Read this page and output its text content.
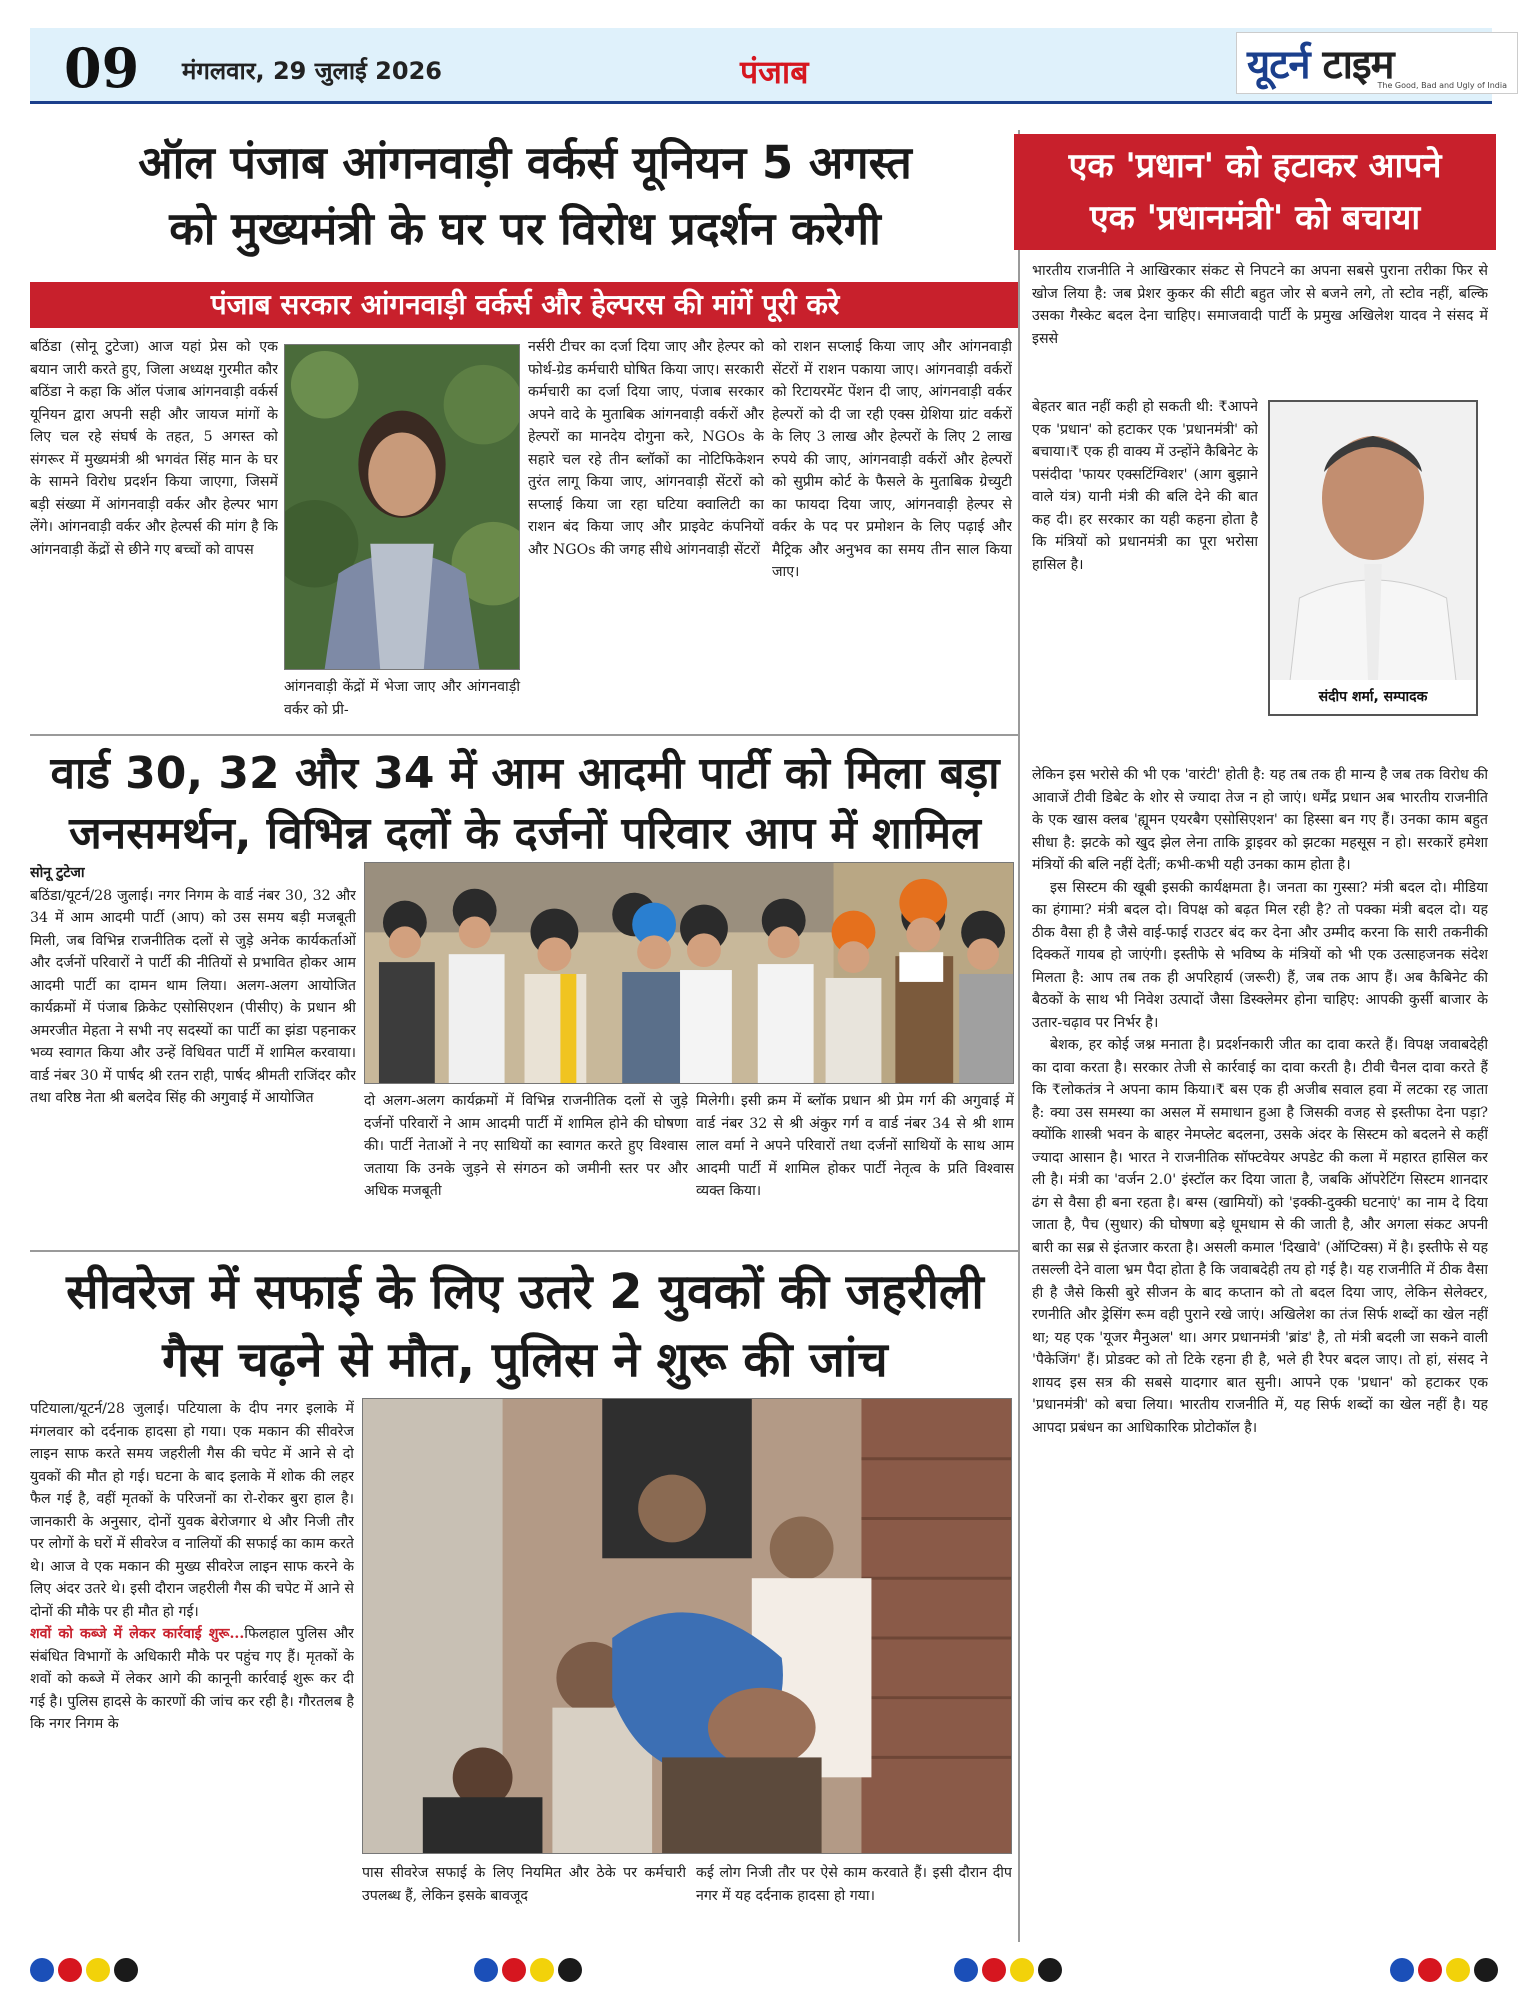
09 मंगलवार, 29 जुलाई 2026	पंजाब	यूटर्न टाइम
The Good, Bad and Ugly of India
ऑल पंजाब आंगनवाड़ी वर्कर्स यूनियन 5 अगस्त
को मुख्यमंत्री के घर पर विरोध प्रदर्शन करेगी
पंजाब सरकार आंगनवाड़ी वर्कर्स और हेल्परस की मांगें पूरी करे
बठिंडा (सोनू टुटेजा) आज यहां प्रेस को एक बयान जारी करते हुए, जिला अध्यक्ष गुरमीत कौर बठिंडा ने कहा कि ऑल पंजाब आंगनवाड़ी वर्कर्स यूनियन द्वारा अपनी सही और जायज मांगों के लिए चल रहे संघर्ष के तहत, 5 अगस्त को संगरूर में मुख्यमंत्री श्री भगवंत सिंह मान के घर के सामने विरोध प्रदर्शन किया जाएगा, जिसमें बड़ी संख्या में आंगनवाड़ी वर्कर और हेल्पर भाग लेंगे। आंगनवाड़ी वर्कर और हेल्पर्स की मांग है कि आंगनवाड़ी केंद्रों से छीने गए बच्चों को वापस
आंगनवाड़ी केंद्रों में भेजा जाए और आंगनवाड़ी वर्कर को प्री-
नर्सरी टीचर का दर्जा दिया जाए और हेल्पर को फोर्थ-ग्रेड कर्मचारी घोषित किया जाए। सरकारी कर्मचारी का दर्जा दिया जाए, पंजाब सरकार अपने वादे के मुताबिक आंगनवाड़ी वर्करों और हेल्परों का मानदेय दोगुना करे, NGOs के सहारे चल रहे तीन ब्लॉकों का नोटिफिकेशन तुरंत लागू किया जाए, आंगनवाड़ी सेंटरों को सप्लाई किया जा रहा घटिया क्वालिटी का राशन बंद किया जाए और प्राइवेट कंपनियों और NGOs की जगह सीधे आंगनवाड़ी सेंटरों
को राशन सप्लाई किया जाए और आंगनवाड़ी सेंटरों में राशन पकाया जाए। आंगनवाड़ी वर्करों को रिटायरमेंट पेंशन दी जाए, आंगनवाड़ी वर्कर हेल्परों को दी जा रही एक्स ग्रेशिया ग्रांट वर्करों के लिए 3 लाख और हेल्परों के लिए 2 लाख रुपये की जाए, आंगनवाड़ी वर्करों और हेल्परों को सुप्रीम कोर्ट के फैसले के मुताबिक ग्रेच्युटी का फायदा दिया जाए, आंगनवाड़ी हेल्पर से वर्कर के पद पर प्रमोशन के लिए पढ़ाई और मैट्रिक और अनुभव का समय तीन साल किया जाए।
वार्ड 30, 32 और 34 में आम आदमी पार्टी को मिला बड़ा
जनसमर्थन, विभिन्न दलों के दर्जनों परिवार आप में शामिल
सोनू टुटेजा
बठिंडा/यूटर्न/28 जुलाई। नगर निगम के वार्ड नंबर 30, 32 और 34 में आम आदमी पार्टी (आप) को उस समय बड़ी मजबूती मिली, जब विभिन्न राजनीतिक दलों से जुड़े अनेक कार्यकर्ताओं और दर्जनों परिवारों ने पार्टी की नीतियों से प्रभावित होकर आम आदमी पार्टी का दामन थाम लिया। अलग-अलग आयोजित कार्यक्रमों में पंजाब क्रिकेट एसोसिएशन (पीसीए) के प्रधान श्री अमरजीत मेहता ने सभी नए सदस्यों का पार्टी का झंडा पहनाकर भव्य स्वागत किया और उन्हें विधिवत पार्टी में शामिल करवाया। वार्ड नंबर 30 में पार्षद श्री रतन राही, पार्षद श्रीमती राजिंदर कौर तथा वरिष्ठ नेता श्री बलदेव सिंह की अगुवाई में आयोजित	दो अलग-अलग कार्यक्रमों में विभिन्न राजनीतिक दलों से जुड़े दर्जनों परिवारों ने आम आदमी पार्टी में शामिल होने की घोषणा की। पार्टी नेताओं ने नए साथियों का स्वागत करते हुए विश्वास जताया कि उनके जुड़ने से संगठन को जमीनी स्तर पर और अधिक मजबूती
मिलेगी। इसी क्रम में ब्लॉक प्रधान श्री प्रेम गर्ग की अगुवाई में वार्ड नंबर 32 से श्री अंकुर गर्ग व वार्ड नंबर 34 से श्री शाम लाल वर्मा ने अपने परिवारों तथा दर्जनों साथियों के साथ आम आदमी पार्टी में शामिल होकर पार्टी नेतृत्व के प्रति विश्वास व्यक्त किया।
सीवरेज में सफाई के लिए उतरे 2 युवकों की जहरीली
गैस चढ़ने से मौत, पुलिस ने शुरू की जांच
पटियाला/यूटर्न/28 जुलाई। पटियाला के दीप नगर इलाके में मंगलवार को दर्दनाक हादसा हो गया। एक मकान की सीवरेज लाइन साफ करते समय जहरीली गैस की चपेट में आने से दो युवकों की मौत हो गई। घटना के बाद इलाके में शोक की लहर फैल गई है, वहीं मृतकों के परिजनों का रो-रोकर बुरा हाल है। जानकारी के अनुसार, दोनों युवक बेरोजगार थे और निजी तौर पर लोगों के घरों में सीवरेज व नालियों की सफाई का काम करते थे। आज वे एक मकान की मुख्य सीवरेज लाइन साफ करने के लिए अंदर उतरे थे। इसी दौरान जहरीली गैस की चपेट में आने से दोनों की मौके पर ही मौत हो गई।
शवों को कब्जे में लेकर कार्रवाई शुरू...फिलहाल पुलिस और संबंधित विभागों के अधिकारी मौके पर पहुंच गए हैं। मृतकों के शवों को कब्जे में लेकर आगे की कानूनी कार्रवाई शुरू कर दी गई है। पुलिस हादसे के कारणों की जांच कर रही है। गौरतलब है कि नगर निगम के
पास सीवरेज सफाई के लिए नियमित और ठेके पर कर्मचारी उपलब्ध हैं, लेकिन इसके बावजूद
कई लोग निजी तौर पर ऐसे काम करवाते हैं। इसी दौरान दीप नगर में यह दर्दनाक हादसा हो गया।
एक 'प्रधान' को हटाकर आपने
एक 'प्रधानमंत्री' को बचाया
भारतीय राजनीति ने आखिरकार संकट से निपटने का अपना सबसे पुराना तरीका फिर से खोज लिया है: जब प्रेशर कुकर की सीटी बहुत जोर से बजने लगे, तो स्टोव नहीं, बल्कि उसका गैस्केट बदल देना चाहिए। समाजवादी पार्टी के प्रमुख अखिलेश यादव ने संसद में इससे
बेहतर बात नहीं कही हो सकती थी: ₹आपने एक 'प्रधान' को हटाकर एक 'प्रधानमंत्री' को बचाया।₹ एक ही वाक्य में उन्होंने कैबिनेट के पसंदीदा 'फायर एक्सटिंग्विशर' (आग बुझाने वाले यंत्र) यानी मंत्री की बलि देने की बात कह दी। हर सरकार का यही कहना होता है कि मंत्रियों को प्रधानमंत्री का पूरा भरोसा हासिल है।
संदीप शर्मा, सम्पादक
लेकिन इस भरोसे की भी एक 'वारंटी' होती है: यह तब तक ही मान्य है जब तक विरोध की आवाजें टीवी डिबेट के शोर से ज्यादा तेज न हो जाएं। धर्मेंद्र प्रधान अब भारतीय राजनीति के एक खास क्लब 'ह्यूमन एयरबैग एसोसिएशन' का हिस्सा बन गए हैं। उनका काम बहुत सीधा है: झटके को खुद झेल लेना ताकि ड्राइवर को झटका महसूस न हो। सरकारें हमेशा मंत्रियों की बलि नहीं देतीं; कभी-कभी यही उनका काम होता है।
इस सिस्टम की खूबी इसकी कार्यक्षमता है। जनता का गुस्सा? मंत्री बदल दो। मीडिया का हंगामा? मंत्री बदल दो। विपक्ष को बढ़त मिल रही है? तो पक्का मंत्री बदल दो। यह ठीक वैसा ही है जैसे वाई-फाई राउटर बंद कर देना और उम्मीद करना कि सारी तकनीकी दिक्कतें गायब हो जाएंगी। इस्तीफे से भविष्य के मंत्रियों को भी एक उत्साहजनक संदेश मिलता है: आप तब तक ही अपरिहार्य (जरूरी) हैं, जब तक आप हैं। अब कैबिनेट की बैठकों के साथ भी निवेश उत्पादों जैसा डिस्क्लेमर होना चाहिए: आपकी कुर्सी बाजार के उतार-चढ़ाव पर निर्भर है।
बेशक, हर कोई जश्न मनाता है। प्रदर्शनकारी जीत का दावा करते हैं। विपक्ष जवाबदेही का दावा करता है। सरकार तेजी से कार्रवाई का दावा करती है। टीवी चैनल दावा करते हैं कि ₹लोकतंत्र ने अपना काम किया।₹ बस एक ही अजीब सवाल हवा में लटका रह जाता है: क्या उस समस्या का असल में समाधान हुआ है जिसकी वजह से इस्तीफा देना पड़ा? क्योंकि शास्त्री भवन के बाहर नेमप्लेट बदलना, उसके अंदर के सिस्टम को बदलने से कहीं ज्यादा आसान है। भारत ने राजनीतिक सॉफ्टवेयर अपडेट की कला में महारत हासिल कर ली है। मंत्री का 'वर्जन 2.0' इंस्टॉल कर दिया जाता है, जबकि ऑपरेटिंग सिस्टम शानदार ढंग से वैसा ही बना रहता है। बग्स (खामियों) को 'इक्की-दुक्की घटनाएं' का नाम दे दिया जाता है, पैच (सुधार) की घोषणा बड़े धूमधाम से की जाती है, और अगला संकट अपनी बारी का सब्र से इंतजार करता है। असली कमाल 'दिखावे' (ऑप्टिक्स) में है। इस्तीफे से यह तसल्ली देने वाला भ्रम पैदा होता है कि जवाबदेही तय हो गई है। यह राजनीति में ठीक वैसा ही है जैसे किसी बुरे सीजन के बाद कप्तान को तो बदल दिया जाए, लेकिन सेलेक्टर, रणनीति और ड्रेसिंग रूम वही पुराने रखे जाएं। अखिलेश का तंज सिर्फ शब्दों का खेल नहीं था; यह एक 'यूजर मैनुअल' था। अगर प्रधानमंत्री 'ब्रांड' है, तो मंत्री बदली जा सकने वाली 'पैकेजिंग' हैं। प्रोडक्ट को तो टिके रहना ही है, भले ही रैपर बदल जाए। तो हां, संसद ने शायद इस सत्र की सबसे यादगार बात सुनी। आपने एक 'प्रधान' को हटाकर एक 'प्रधानमंत्री' को बचा लिया। भारतीय राजनीति में, यह सिर्फ शब्दों का खेल नहीं है। यह आपदा प्रबंधन का आधिकारिक प्रोटोकॉल है।
